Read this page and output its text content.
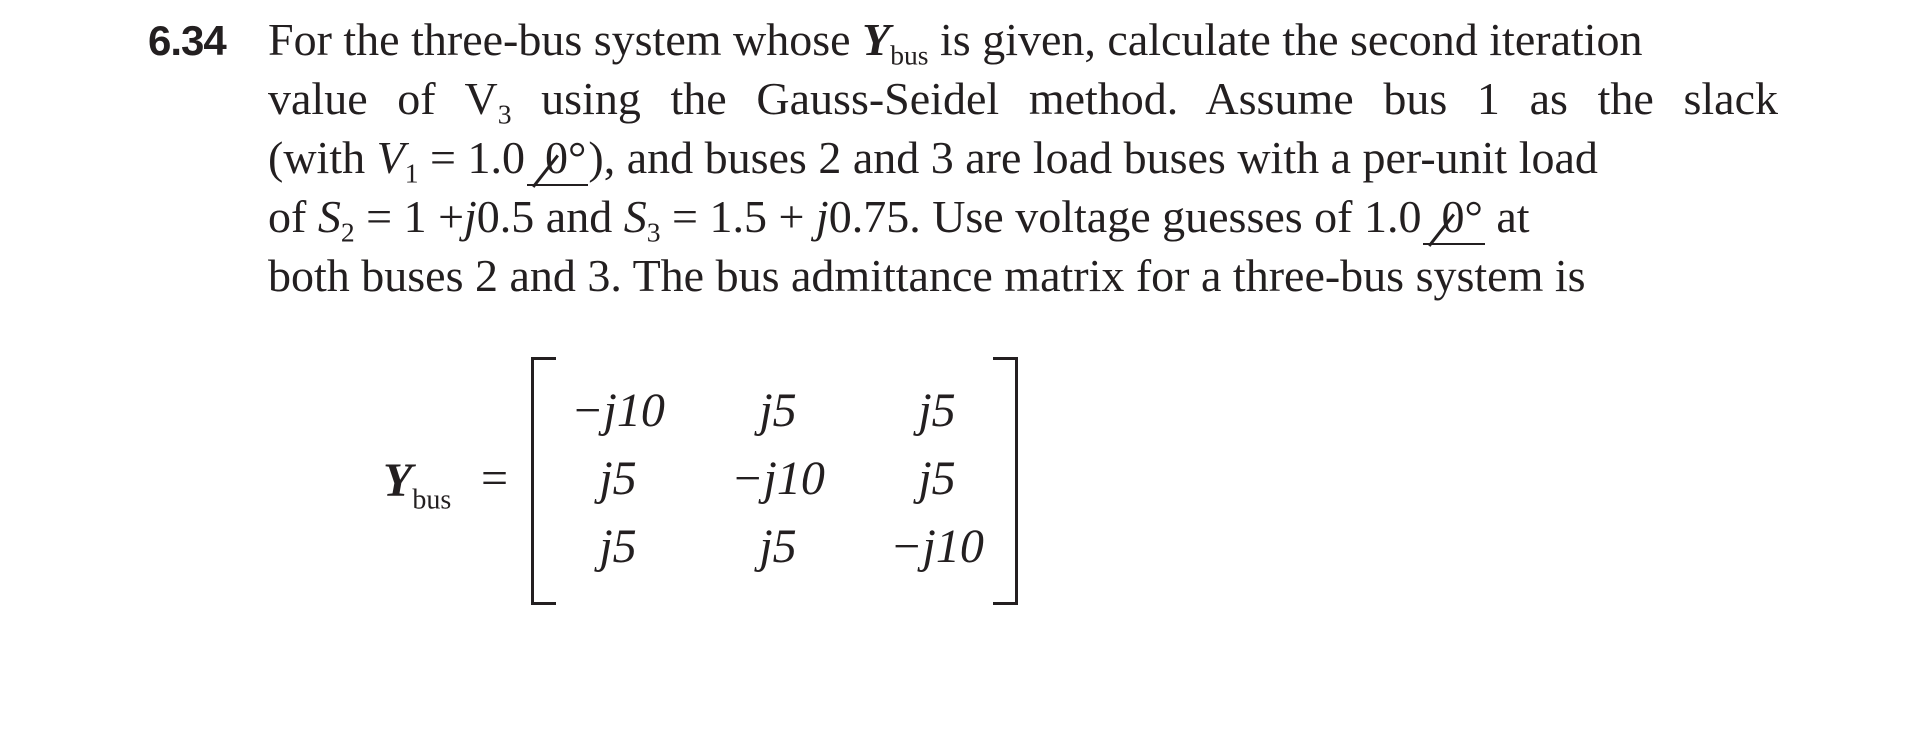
6.34 For the three-bus system whose $Y_{bus}$ is given, calculate the second iteration
value of $V_3$ using the Gauss-Seidel method. Assume bus 1 as the slack
(with $V_1 = 1.0$ 0°), and buses 2 and 3 are load buses with a per-unit load
of $S_2 = 1 +j0.5$ and $S_3 = 1.5 + j0.75$. Use voltage guesses of 1.0 0° at
both buses 2 and 3. The bus admittance matrix for a three-bus system is
$Y_{bus}$ =
−j10	j5	j5
j5	−j10	j5
j5	j5	−j10
